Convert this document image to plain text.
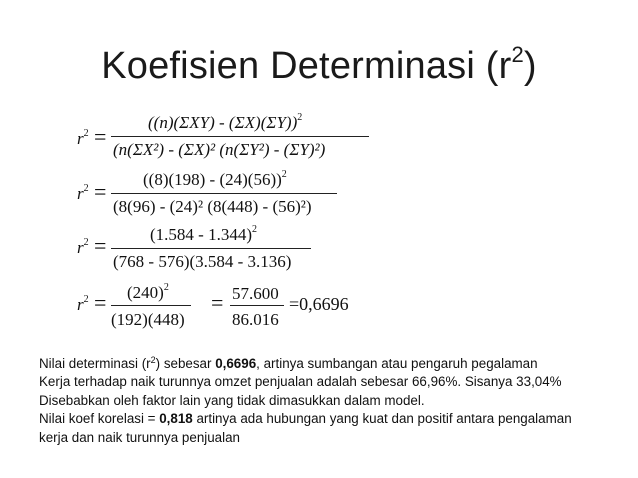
Koefisien Determinasi $(r^2)$
$r^2$ =
((n)(ΣXY) - (ΣX)(ΣY))$^2$
(n(ΣX²) - (ΣX)² (n(ΣY²) - (ΣY)²)
$r^2 = ((8)(198) - (24)(56))^2$
(8(96) - (24)² (8(448) - (56)²)
$r^2$ =	(1.584 - 1.344)$^2$
(768 - 576)(3.584 - 3.136)
$r^2 = (240)^2$
(192)(448)
= 57.600
86.016
=0,6696
Nilai determinasi $(r^2)$ sebesar 0,6696, artinya sumbangan atau pengaruh pegalaman
Kerja terhadap naik turunnya omzet penjualan adalah sebesar 66,96%. Sisanya 33,04%
Disebabkan oleh faktor lain yang tidak dimasukkan dalam model.
Nilai koef korelasi = 0,818 artinya ada hubungan yang kuat dan positif antara pengalaman
kerja dan naik turunnya penjualan
